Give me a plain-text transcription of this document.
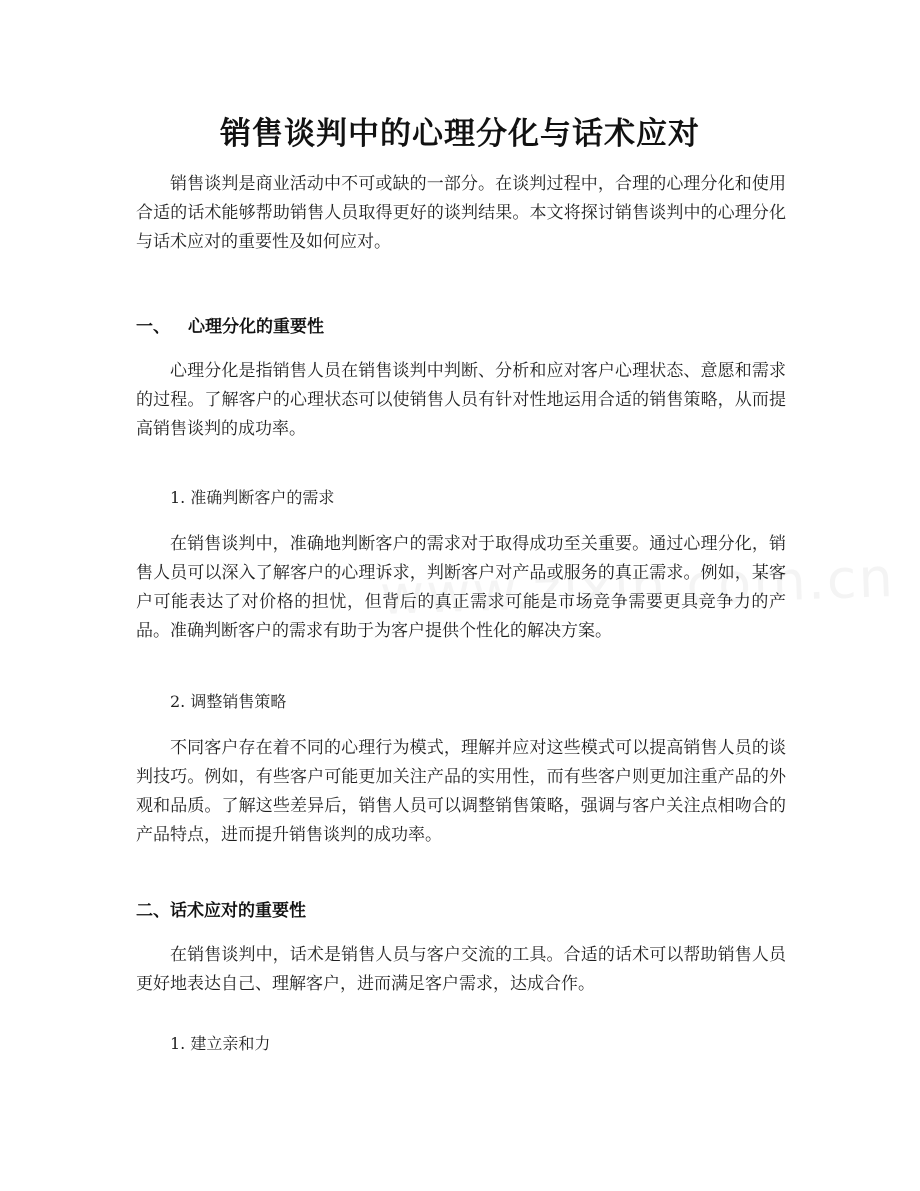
销售谈判中的心理分化与话术应对

销售谈判是商业活动中不可或缺的一部分。在谈判过程中，合理的心理分化和使用合适的话术能够帮助销售人员取得更好的谈判结果。本文将探讨销售谈判中的心理分化与话术应对的重要性及如何应对。

一、 心理分化的重要性

心理分化是指销售人员在销售谈判中判断、分析和应对客户心理状态、意愿和需求的过程。了解客户的心理状态可以使销售人员有针对性地运用合适的销售策略，从而提高销售谈判的成功率。

1. 准确判断客户的需求

在销售谈判中，准确地判断客户的需求对于取得成功至关重要。通过心理分化，销售人员可以深入了解客户的心理诉求，判断客户对产品或服务的真正需求。例如，某客户可能表达了对价格的担忧，但背后的真正需求可能是市场竞争需要更具竞争力的产品。准确判断客户的需求有助于为客户提供个性化的解决方案。

2. 调整销售策略

不同客户存在着不同的心理行为模式，理解并应对这些模式可以提高销售人员的谈判技巧。例如，有些客户可能更加关注产品的实用性，而有些客户则更加注重产品的外观和品质。了解这些差异后，销售人员可以调整销售策略，强调与客户关注点相吻合的产品特点，进而提升销售谈判的成功率。

二、话术应对的重要性

在销售谈判中，话术是销售人员与客户交流的工具。合适的话术可以帮助销售人员更好地表达自己、理解客户，进而满足客户需求，达成合作。

1. 建立亲和力
